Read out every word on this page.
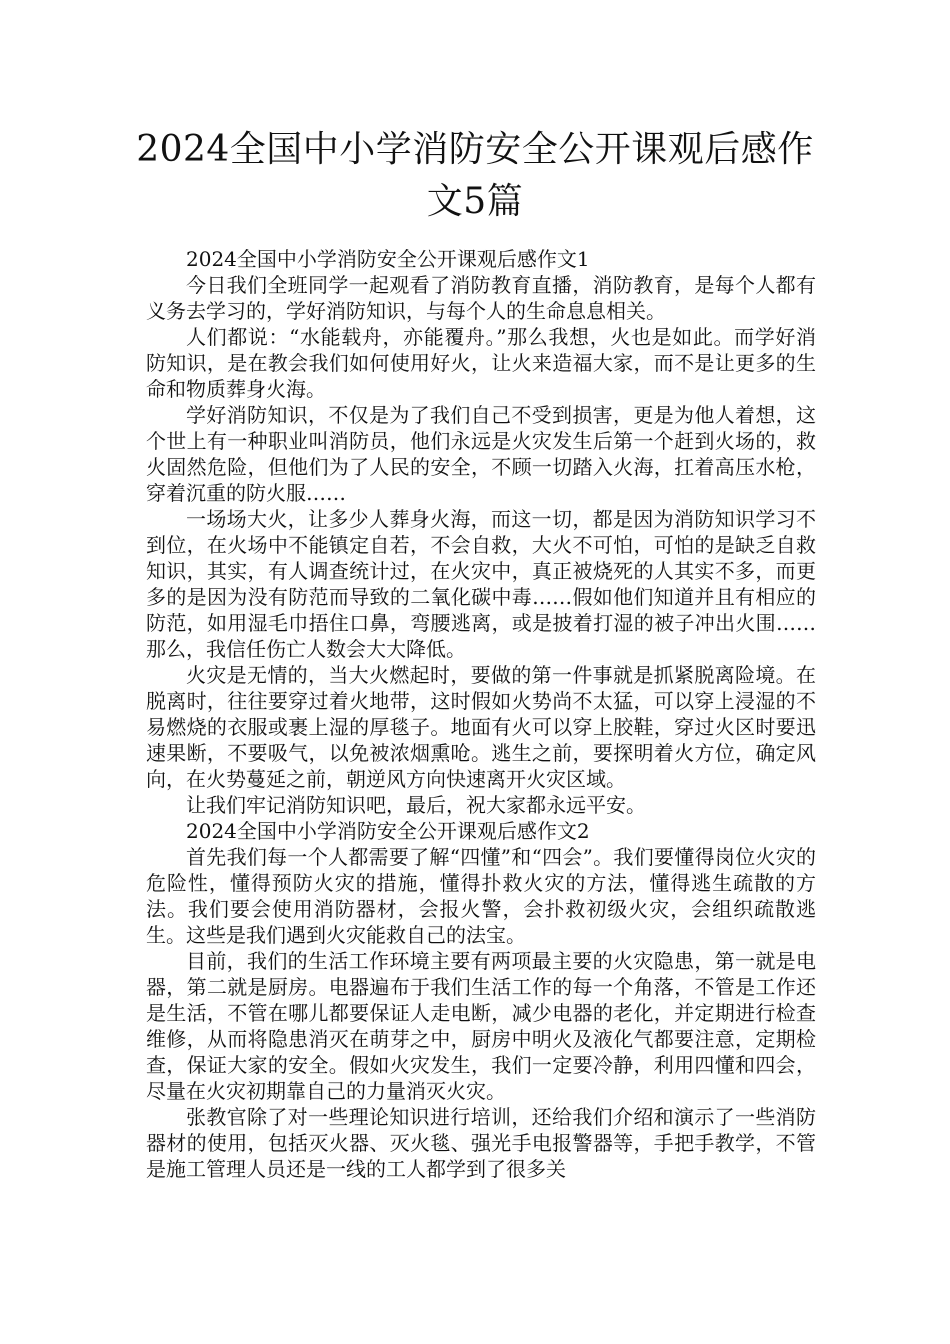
2024全国中小学消防安全公开课观后感作
文5篇

2024全国中小学消防安全公开课观后感作文1

今日我们全班同学一起观看了消防教育直播，消防教育，是每个人都有义务去学习的，学好消防知识，与每个人的生命息息相关。

人们都说：“水能载舟，亦能覆舟。”那么我想，火也是如此。而学好消防知识，是在教会我们如何使用好火，让火来造福大家，而不是让更多的生命和物质葬身火海。

学好消防知识，不仅是为了我们自己不受到损害，更是为他人着想，这个世上有一种职业叫消防员，他们永远是火灾发生后第一个赶到火场的，救火固然危险，但他们为了人民的安全，不顾一切踏入火海，扛着高压水枪，穿着沉重的防火服……

一场场大火，让多少人葬身火海，而这一切，都是因为消防知识学习不到位，在火场中不能镇定自若，不会自救，大火不可怕，可怕的是缺乏自救知识，其实，有人调查统计过，在火灾中，真正被烧死的人其实不多，而更多的是因为没有防范而导致的二氧化碳中毒……假如他们知道并且有相应的防范，如用湿毛巾捂住口鼻，弯腰逃离，或是披着打湿的被子冲出火围……那么，我信任伤亡人数会大大降低。

火灾是无情的，当大火燃起时，要做的第一件事就是抓紧脱离险境。在脱离时，往往要穿过着火地带，这时假如火势尚不太猛，可以穿上浸湿的不易燃烧的衣服或裹上湿的厚毯子。地面有火可以穿上胶鞋，穿过火区时要迅速果断，不要吸气，以免被浓烟熏呛。逃生之前，要探明着火方位，确定风向，在火势蔓延之前，朝逆风方向快速离开火灾区域。

让我们牢记消防知识吧，最后，祝大家都永远平安。

2024全国中小学消防安全公开课观后感作文2

首先我们每一个人都需要了解“四懂”和“四会”。我们要懂得岗位火灾的危险性，懂得预防火灾的措施，懂得扑救火灾的方法，懂得逃生疏散的方法。我们要会使用消防器材，会报火警，会扑救初级火灾，会组织疏散逃生。这些是我们遇到火灾能救自己的法宝。

目前，我们的生活工作环境主要有两项最主要的火灾隐患，第一就是电器，第二就是厨房。电器遍布于我们生活工作的每一个角落，不管是工作还是生活，不管在哪儿都要保证人走电断，减少电器的老化，并定期进行检查维修，从而将隐患消灭在萌芽之中，厨房中明火及液化气都要注意，定期检查，保证大家的安全。假如火灾发生，我们一定要冷静，利用四懂和四会，尽量在火灾初期靠自己的力量消灭火灾。

张教官除了对一些理论知识进行培训，还给我们介绍和演示了一些消防器材的使用，包括灭火器、灭火毯、强光手电报警器等，手把手教学，不管是施工管理人员还是一线的工人都学到了很多关
